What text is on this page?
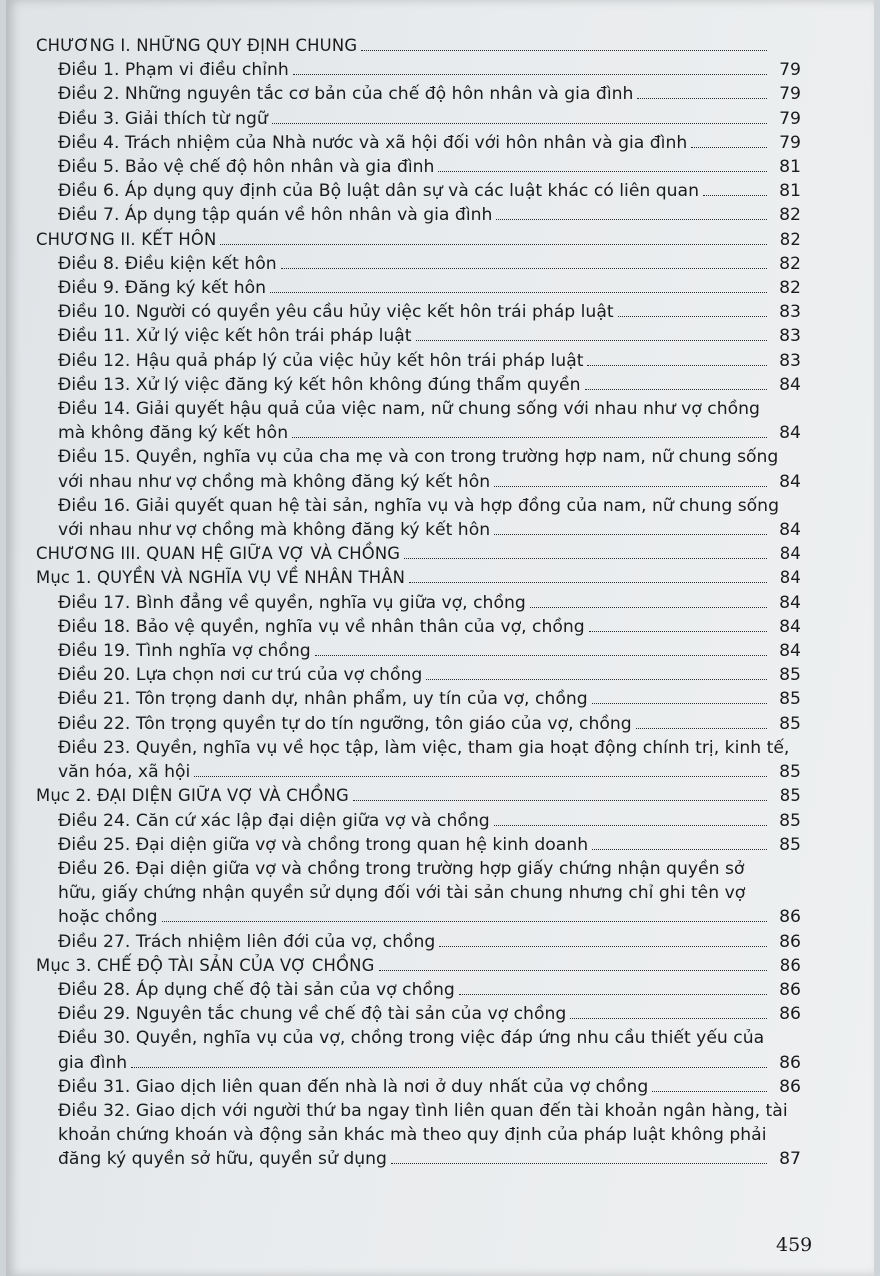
CHƯƠNG I. NHỮNG QUY ĐỊNH CHUNG
Điều 1. Phạm vi điều chỉnh	79
Điều 2. Những nguyên tắc cơ bản của chế độ hôn nhân và gia đình	79
Điều 3. Giải thích từ ngữ	79
Điều 4. Trách nhiệm của Nhà nước và xã hội đối với hôn nhân và gia đình	79
Điều 5. Bảo vệ chế độ hôn nhân và gia đình	81
Điều 6. Áp dụng quy định của Bộ luật dân sự và các luật khác có liên quan	81
Điều 7. Áp dụng tập quán về hôn nhân và gia đình	82
CHƯƠNG II. KẾT HÔN	82
Điều 8. Điều kiện kết hôn	82
Điều 9. Đăng ký kết hôn	82
Điều 10. Người có quyền yêu cầu hủy việc kết hôn trái pháp luật	83
Điều 11. Xử lý việc kết hôn trái pháp luật	83
Điều 12. Hậu quả pháp lý của việc hủy kết hôn trái pháp luật	83
Điều 13. Xử lý việc đăng ký kết hôn không đúng thẩm quyền	84
Điều 14. Giải quyết hậu quả của việc nam, nữ chung sống với nhau như vợ chồng
mà không đăng ký kết hôn	84
Điều 15. Quyền, nghĩa vụ của cha mẹ và con trong trường hợp nam, nữ chung sống
với nhau như vợ chồng mà không đăng ký kết hôn	84
Điều 16. Giải quyết quan hệ tài sản, nghĩa vụ và hợp đồng của nam, nữ chung sống
với nhau như vợ chồng mà không đăng ký kết hôn	84
CHƯƠNG III. QUAN HỆ GIỮA VỢ VÀ CHỒNG	84
Mục 1. QUYỀN VÀ NGHĨA VỤ VỀ NHÂN THÂN	84
Điều 17. Bình đẳng về quyền, nghĩa vụ giữa vợ, chồng	84
Điều 18. Bảo vệ quyền, nghĩa vụ về nhân thân của vợ, chồng	84
Điều 19. Tình nghĩa vợ chồng	84
Điều 20. Lựa chọn nơi cư trú của vợ chồng	85
Điều 21. Tôn trọng danh dự, nhân phẩm, uy tín của vợ, chồng	85
Điều 22. Tôn trọng quyền tự do tín ngưỡng, tôn giáo của vợ, chồng	85
Điều 23. Quyền, nghĩa vụ về học tập, làm việc, tham gia hoạt động chính trị, kinh tế,
văn hóa, xã hội	85
Mục 2. ĐẠI DIỆN GIỮA VỢ VÀ CHỒNG	85
Điều 24. Căn cứ xác lập đại diện giữa vợ và chồng	85
Điều 25. Đại diện giữa vợ và chồng trong quan hệ kinh doanh	85
Điều 26. Đại diện giữa vợ và chồng trong trường hợp giấy chứng nhận quyền sở
hữu, giấy chứng nhận quyền sử dụng đối với tài sản chung nhưng chỉ ghi tên vợ
hoặc chồng	86
Điều 27. Trách nhiệm liên đới của vợ, chồng	86
Mục 3. CHẾ ĐỘ TÀI SẢN CỦA VỢ CHỒNG	86
Điều 28. Áp dụng chế độ tài sản của vợ chồng	86
Điều 29. Nguyên tắc chung về chế độ tài sản của vợ chồng	86
Điều 30. Quyền, nghĩa vụ của vợ, chồng trong việc đáp ứng nhu cầu thiết yếu của
gia đình	86
Điều 31. Giao dịch liên quan đến nhà là nơi ở duy nhất của vợ chồng	86
Điều 32. Giao dịch với người thứ ba ngay tình liên quan đến tài khoản ngân hàng, tài
khoản chứng khoán và động sản khác mà theo quy định của pháp luật không phải
đăng ký quyền sở hữu, quyền sử dụng	87
459
